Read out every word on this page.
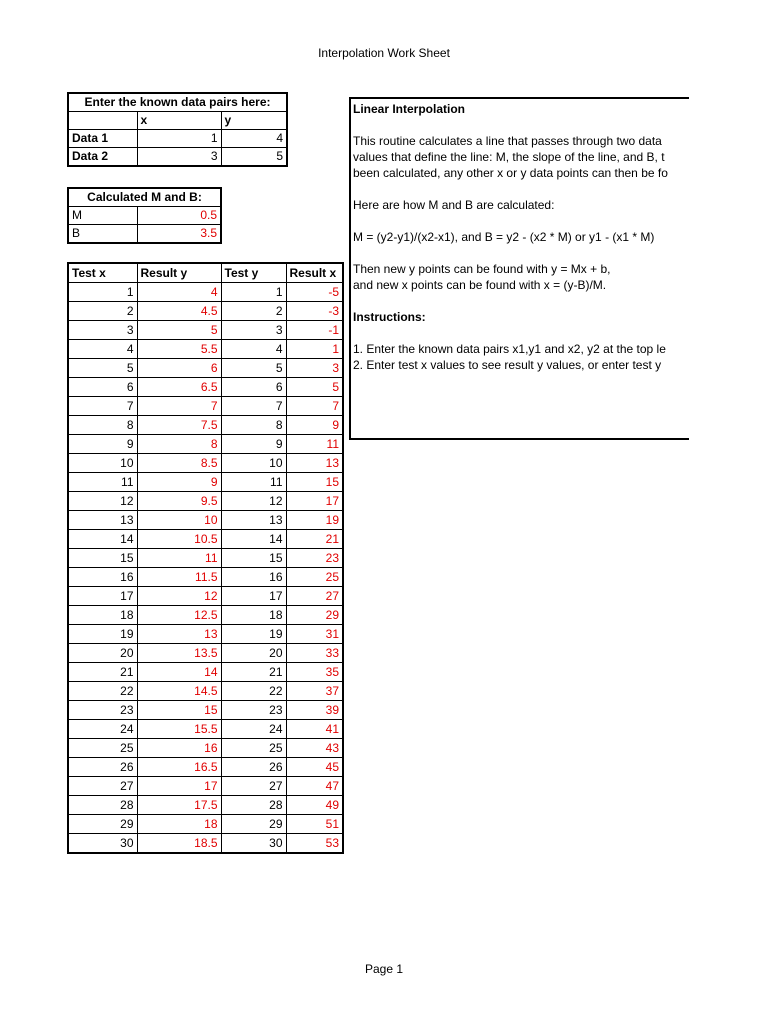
Interpolation Work Sheet
Enter the known data pairs here:		
	x	y
Data 1	1	4
Data 2	3	5
Calculated M and B:	
M	0.5
B	3.5
Test x	Result y	Test y	Result x
1	4	1	-5
2	4.5	2	-3
3	5	3	-1
4	5.5	4	1
5	6	5	3
6	6.5	6	5
7	7	7	7
8	7.5	8	9
9	8	9	11
10	8.5	10	13
11	9	11	15
12	9.5	12	17
13	10	13	19
14	10.5	14	21
15	11	15	23
16	11.5	16	25
17	12	17	27
18	12.5	18	29
19	13	19	31
20	13.5	20	33
21	14	21	35
22	14.5	22	37
23	15	23	39
24	15.5	24	41
25	16	25	43
26	16.5	26	45
27	17	27	47
28	17.5	28	49
29	18	29	51
30	18.5	30	53

Linear Interpolation

This routine calculates a line that passes through two data

values that define the line: M, the slope of the line, and B, t

been calculated, any other x or y data points can then be fo

Here are how M and B are calculated:

M = (y2-y1)/(x2-x1), and B = y2 - (x2 * M) or y1 - (x1 * M)

Then new y points can be found with y = Mx + b,

and new x points can be found with x = (y-B)/M.

Instructions:

1. Enter the known data pairs x1,y1 and x2, y2 at the top le

2. Enter test x values to see result y values, or enter test y

Page 1
